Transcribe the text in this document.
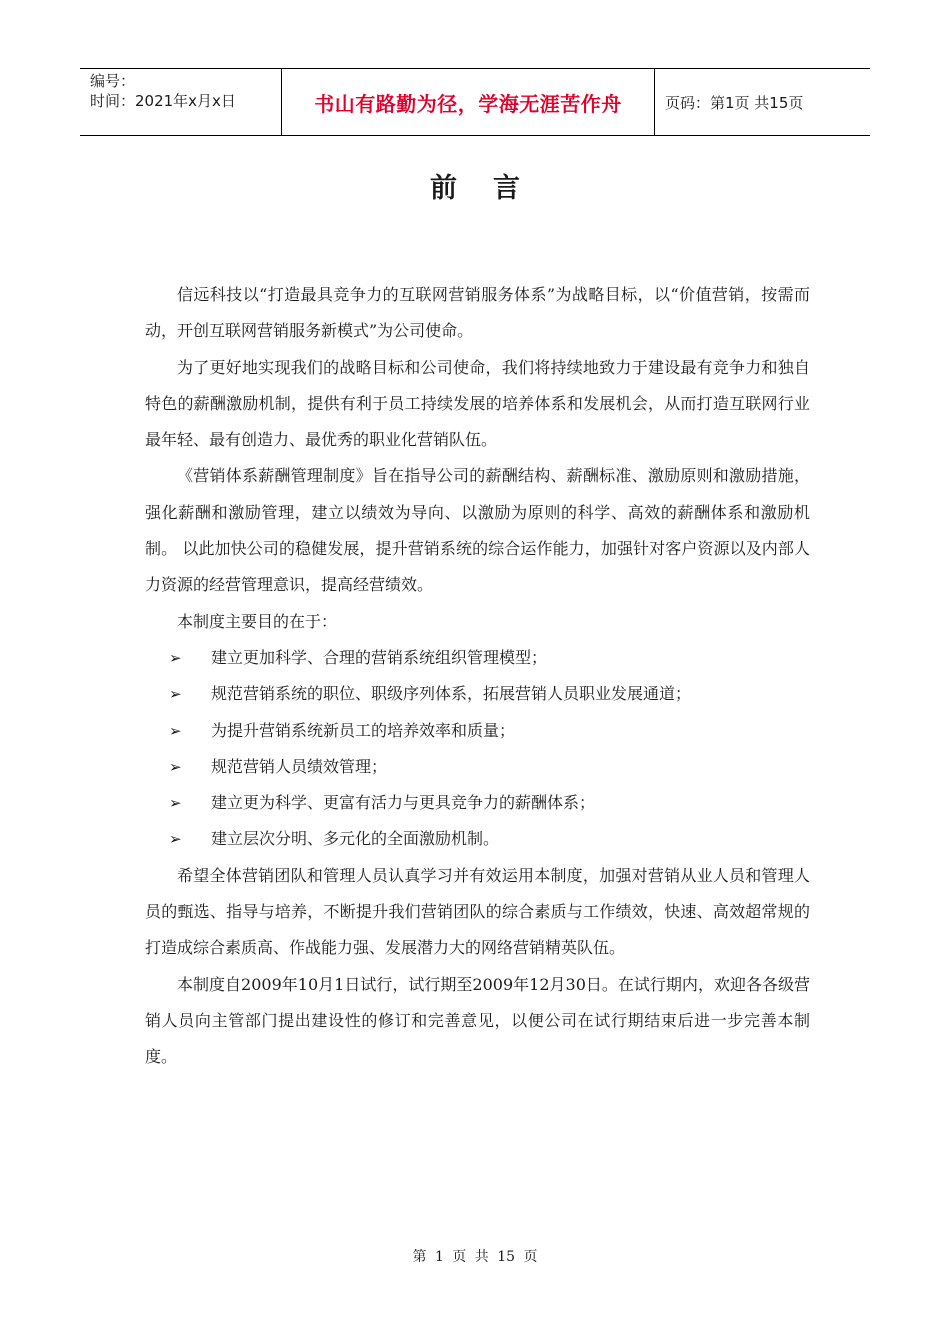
编号：
时间：2021年x月x日	书山有路勤为径，学海无涯苦作舟	页码：第1页 共15页
前言

信远科技以“打造最具竞争力的互联网营销服务体系”为战略目标，以“价值营销，按需而动，开创互联网营销服务新模式”为公司使命。

为了更好地实现我们的战略目标和公司使命，我们将持续地致力于建设最有竞争力和独自特色的薪酬激励机制，提供有利于员工持续发展的培养体系和发展机会，从而打造互联网行业最年轻、最有创造力、最优秀的职业化营销队伍。

《营销体系薪酬管理制度》旨在指导公司的薪酬结构、薪酬标准、激励原则和激励措施，强化薪酬和激励管理，建立以绩效为导向、以激励为原则的科学、高效的薪酬体系和激励机制。 以此加快公司的稳健发展，提升营销系统的综合运作能力，加强针对客户资源以及内部人力资源的经营管理意识，提高经营绩效。

本制度主要目的在于：

➢	建立更加科学、合理的营销系统组织管理模型；
➢	规范营销系统的职位、职级序列体系，拓展营销人员职业发展通道；
➢	为提升营销系统新员工的培养效率和质量；
➢	规范营销人员绩效管理；
➢	建立更为科学、更富有活力与更具竞争力的薪酬体系；
➢	建立层次分明、多元化的全面激励机制。

希望全体营销团队和管理人员认真学习并有效运用本制度，加强对营销从业人员和管理人员的甄选、指导与培养，不断提升我们营销团队的综合素质与工作绩效，快速、高效超常规的打造成综合素质高、作战能力强、发展潜力大的网络营销精英队伍。

本制度自2009年10月1日试行，试行期至2009年12月30日。在试行期内，欢迎各各级营销人员向主管部门提出建设性的修订和完善意见，以便公司在试行期结束后进一步完善本制度。

第 1 页 共 15 页
